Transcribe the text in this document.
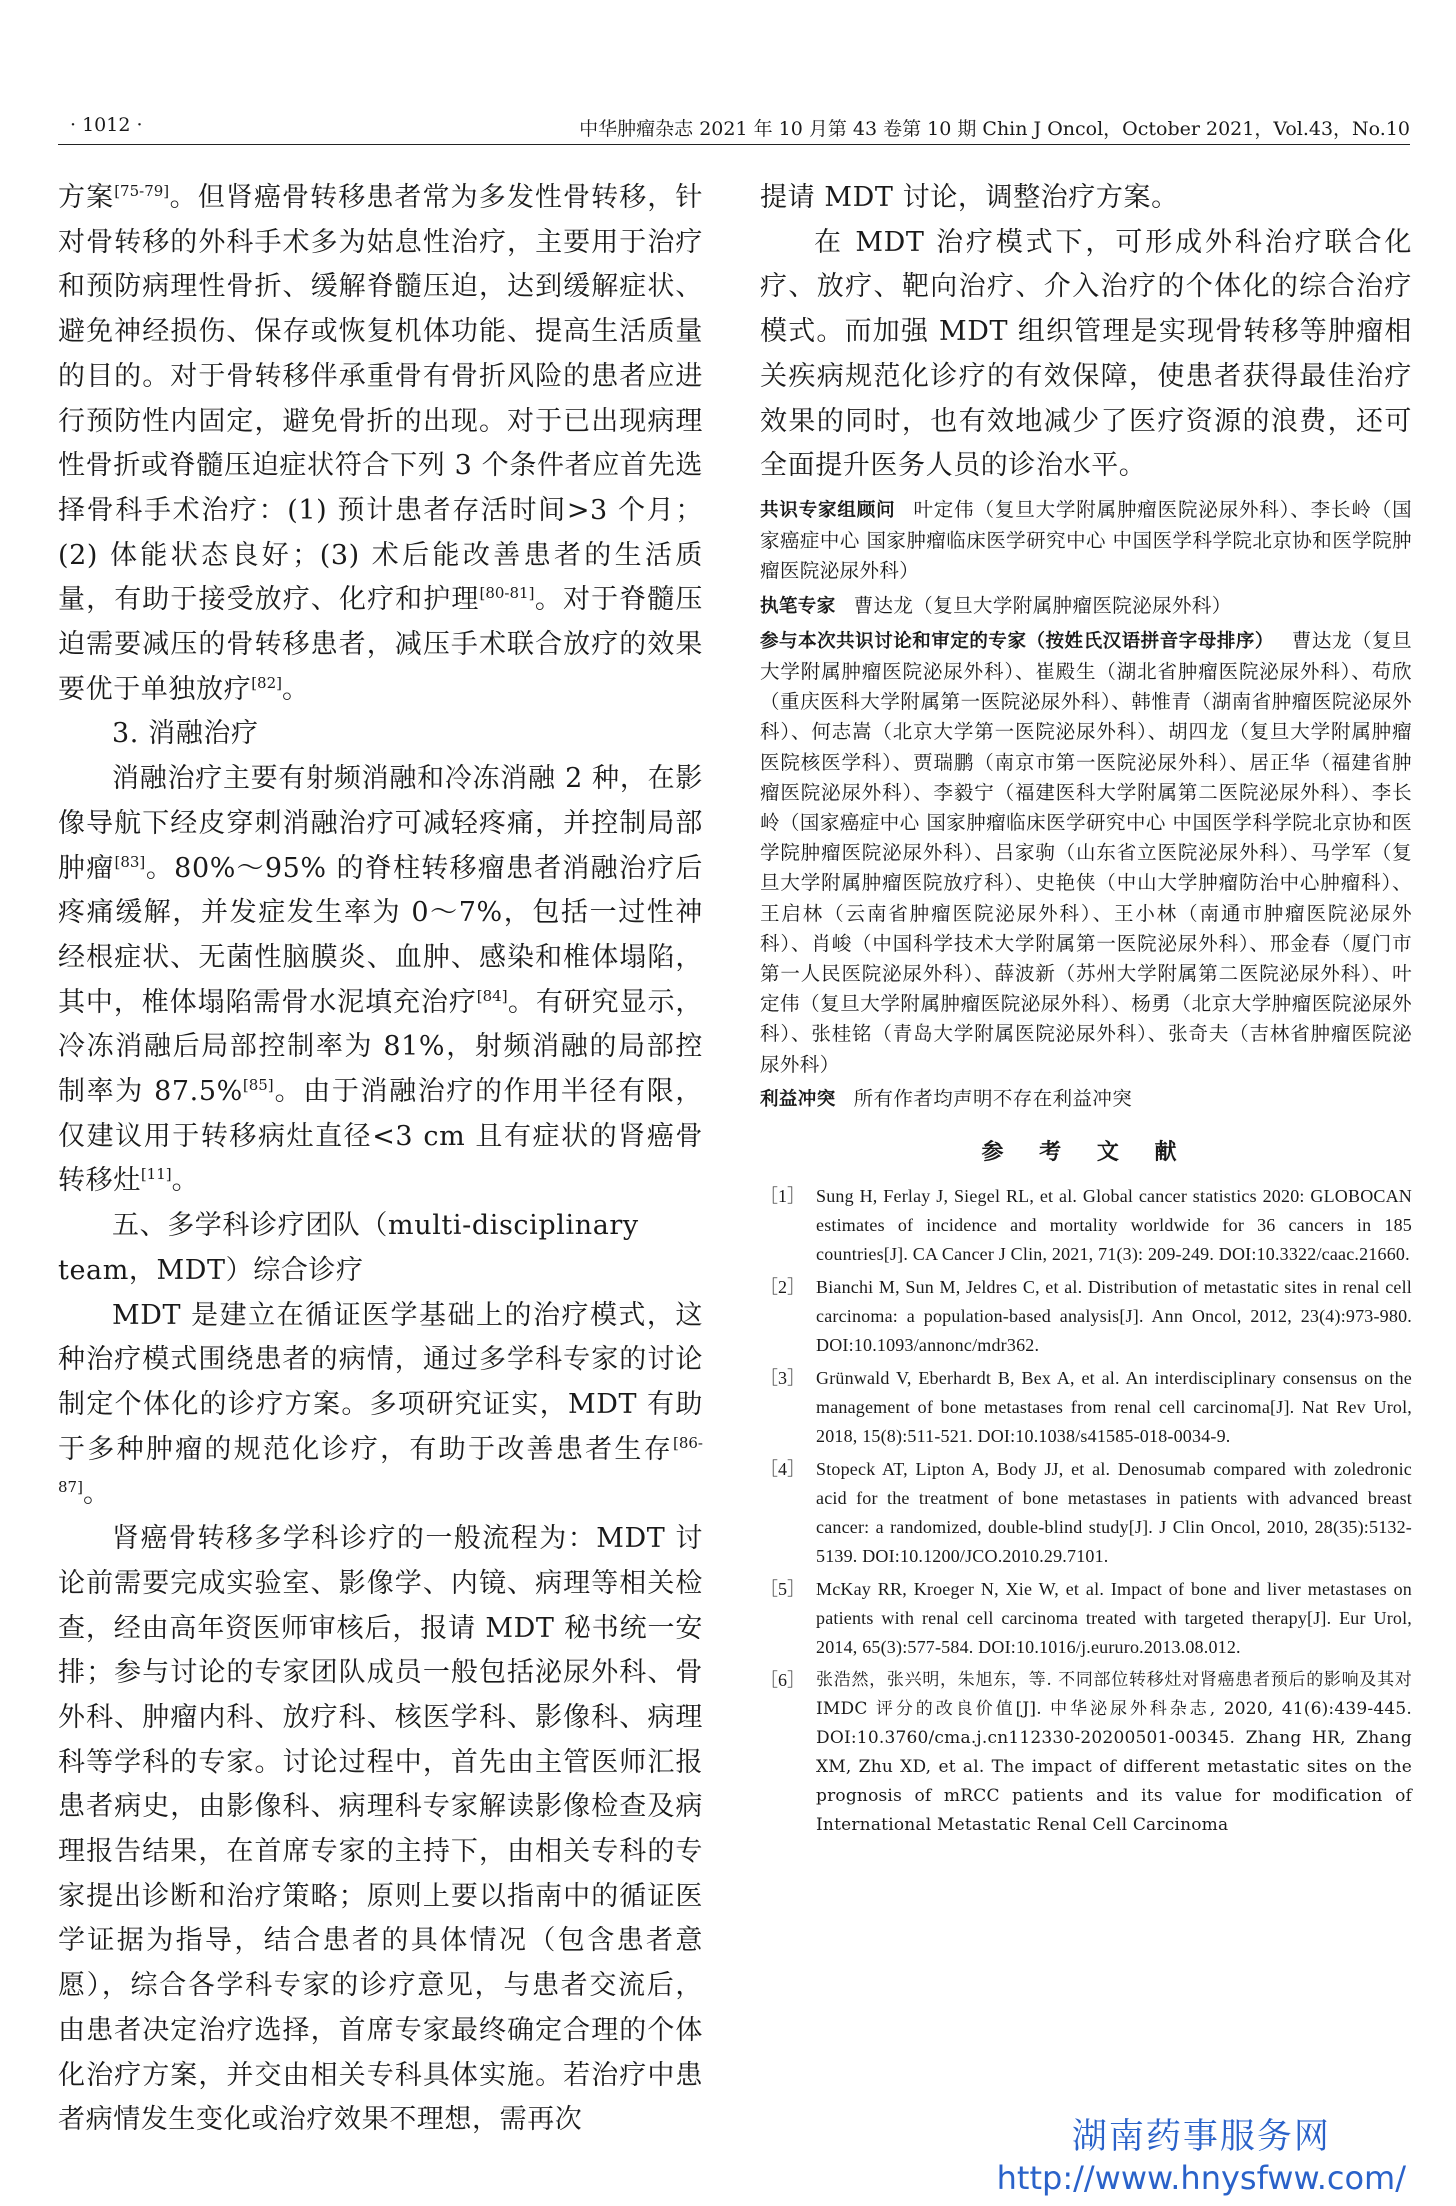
· 1012 ·	中华肿瘤杂志 2021 年 10 月第 43 卷第 10 期 Chin J Oncol，October 2021，Vol.43，No.10

方案[75-79]。但肾癌骨转移患者常为多发性骨转移，针对骨转移的外科手术多为姑息性治疗，主要用于治疗和预防病理性骨折、缓解脊髓压迫，达到缓解症状、避免神经损伤、保存或恢复机体功能、提高生活质量的目的。对于骨转移伴承重骨有骨折风险的患者应进行预防性内固定，避免骨折的出现。对于已出现病理性骨折或脊髓压迫症状符合下列 3 个条件者应首先选择骨科手术治疗：(1) 预计患者存活时间>3 个月；(2) 体能状态良好；(3) 术后能改善患者的生活质量，有助于接受放疗、化疗和护理[80-81]。对于脊髓压迫需要减压的骨转移患者，减压手术联合放疗的效果要优于单独放疗[82]。

3. 消融治疗

消融治疗主要有射频消融和冷冻消融 2 种，在影像导航下经皮穿刺消融治疗可减轻疼痛，并控制局部肿瘤[83]。80%～95% 的脊柱转移瘤患者消融治疗后疼痛缓解，并发症发生率为 0～7%，包括一过性神经根症状、无菌性脑膜炎、血肿、感染和椎体塌陷，其中，椎体塌陷需骨水泥填充治疗[84]。有研究显示，冷冻消融后局部控制率为 81%，射频消融的局部控制率为 87.5%[85]。由于消融治疗的作用半径有限，仅建议用于转移病灶直径<3 cm 且有症状的肾癌骨转移灶[11]。

五、多学科诊疗团队（multi-disciplinary team，MDT）综合诊疗

MDT 是建立在循证医学基础上的治疗模式，这种治疗模式围绕患者的病情，通过多学科专家的讨论制定个体化的诊疗方案。多项研究证实，MDT 有助于多种肿瘤的规范化诊疗，有助于改善患者生存[86-87]。

肾癌骨转移多学科诊疗的一般流程为：MDT 讨论前需要完成实验室、影像学、内镜、病理等相关检查，经由高年资医师审核后，报请 MDT 秘书统一安排；参与讨论的专家团队成员一般包括泌尿外科、骨外科、肿瘤内科、放疗科、核医学科、影像科、病理科等学科的专家。讨论过程中，首先由主管医师汇报患者病史，由影像科、病理科专家解读影像检查及病理报告结果，在首席专家的主持下，由相关专科的专家提出诊断和治疗策略；原则上要以指南中的循证医学证据为指导，结合患者的具体情况（包含患者意愿），综合各学科专家的诊疗意见，与患者交流后，由患者决定治疗选择，首席专家最终确定合理的个体化治疗方案，并交由相关专科具体实施。若治疗中患者病情发生变化或治疗效果不理想，需再次

提请 MDT 讨论，调整治疗方案。

在 MDT 治疗模式下，可形成外科治疗联合化疗、放疗、靶向治疗、介入治疗的个体化的综合治疗模式。而加强 MDT 组织管理是实现骨转移等肿瘤相关疾病规范化诊疗的有效保障，使患者获得最佳治疗效果的同时，也有效地减少了医疗资源的浪费，还可全面提升医务人员的诊治水平。

共识专家组顾问 叶定伟（复旦大学附属肿瘤医院泌尿外科）、李长岭（国家癌症中心 国家肿瘤临床医学研究中心 中国医学科学院北京协和医学院肿瘤医院泌尿外科）

执笔专家 曹达龙（复旦大学附属肿瘤医院泌尿外科）

参与本次共识讨论和审定的专家（按姓氏汉语拼音字母排序） 曹达龙（复旦大学附属肿瘤医院泌尿外科）、崔殿生（湖北省肿瘤医院泌尿外科）、苟欣（重庆医科大学附属第一医院泌尿外科）、韩惟青（湖南省肿瘤医院泌尿外科）、何志嵩（北京大学第一医院泌尿外科）、胡四龙（复旦大学附属肿瘤医院核医学科）、贾瑞鹏（南京市第一医院泌尿外科）、居正华（福建省肿瘤医院泌尿外科）、李毅宁（福建医科大学附属第二医院泌尿外科）、李长岭（国家癌症中心 国家肿瘤临床医学研究中心 中国医学科学院北京协和医学院肿瘤医院泌尿外科）、吕家驹（山东省立医院泌尿外科）、马学军（复旦大学附属肿瘤医院放疗科）、史艳侠（中山大学肿瘤防治中心肿瘤科）、王启林（云南省肿瘤医院泌尿外科）、王小林（南通市肿瘤医院泌尿外科）、肖峻（中国科学技术大学附属第一医院泌尿外科）、邢金春（厦门市第一人民医院泌尿外科）、薛波新（苏州大学附属第二医院泌尿外科）、叶定伟（复旦大学附属肿瘤医院泌尿外科）、杨勇（北京大学肿瘤医院泌尿外科）、张桂铭（青岛大学附属医院泌尿外科）、张奇夫（吉林省肿瘤医院泌尿外科）

利益冲突 所有作者均声明不存在利益冲突

参 考 文 献
［1］ Sung H, Ferlay J, Siegel RL, et al. Global cancer statistics 2020: GLOBOCAN estimates of incidence and mortality worldwide for 36 cancers in 185 countries[J]. CA Cancer J Clin, 2021, 71(3): 209-249. DOI:10.3322/caac.21660.
［2］ Bianchi M, Sun M, Jeldres C, et al. Distribution of metastatic sites in renal cell carcinoma: a population-based analysis[J]. Ann Oncol, 2012, 23(4):973-980. DOI:10.1093/annonc/mdr362.
［3］ Grünwald V, Eberhardt B, Bex A, et al. An interdisciplinary consensus on the management of bone metastases from renal cell carcinoma[J]. Nat Rev Urol, 2018, 15(8):511-521. DOI:10.1038/s41585-018-0034-9.
［4］ Stopeck AT, Lipton A, Body JJ, et al. Denosumab compared with zoledronic acid for the treatment of bone metastases in patients with advanced breast cancer: a randomized, double-blind study[J]. J Clin Oncol, 2010, 28(35):5132-5139. DOI:10.1200/JCO.2010.29.7101.
［5］ McKay RR, Kroeger N, Xie W, et al. Impact of bone and liver metastases on patients with renal cell carcinoma treated with targeted therapy[J]. Eur Urol, 2014, 65(3):577-584. DOI:10.1016/j.eururo.2013.08.012.
［6］ 张浩然，张兴明，朱旭东，等. 不同部位转移灶对肾癌患者预后的影响及其对 IMDC 评分的改良价值[J]. 中华泌尿外科杂志, 2020, 41(6):439-445. DOI:10.3760/cma.j.cn112330-20200501-00345. Zhang HR, Zhang XM, Zhu XD, et al. The impact of different metastatic sites on the prognosis of mRCC patients and its value for modification of International Metastatic Renal Cell Carcinoma
湖南药事服务网
http://www.hnysfww.com/
